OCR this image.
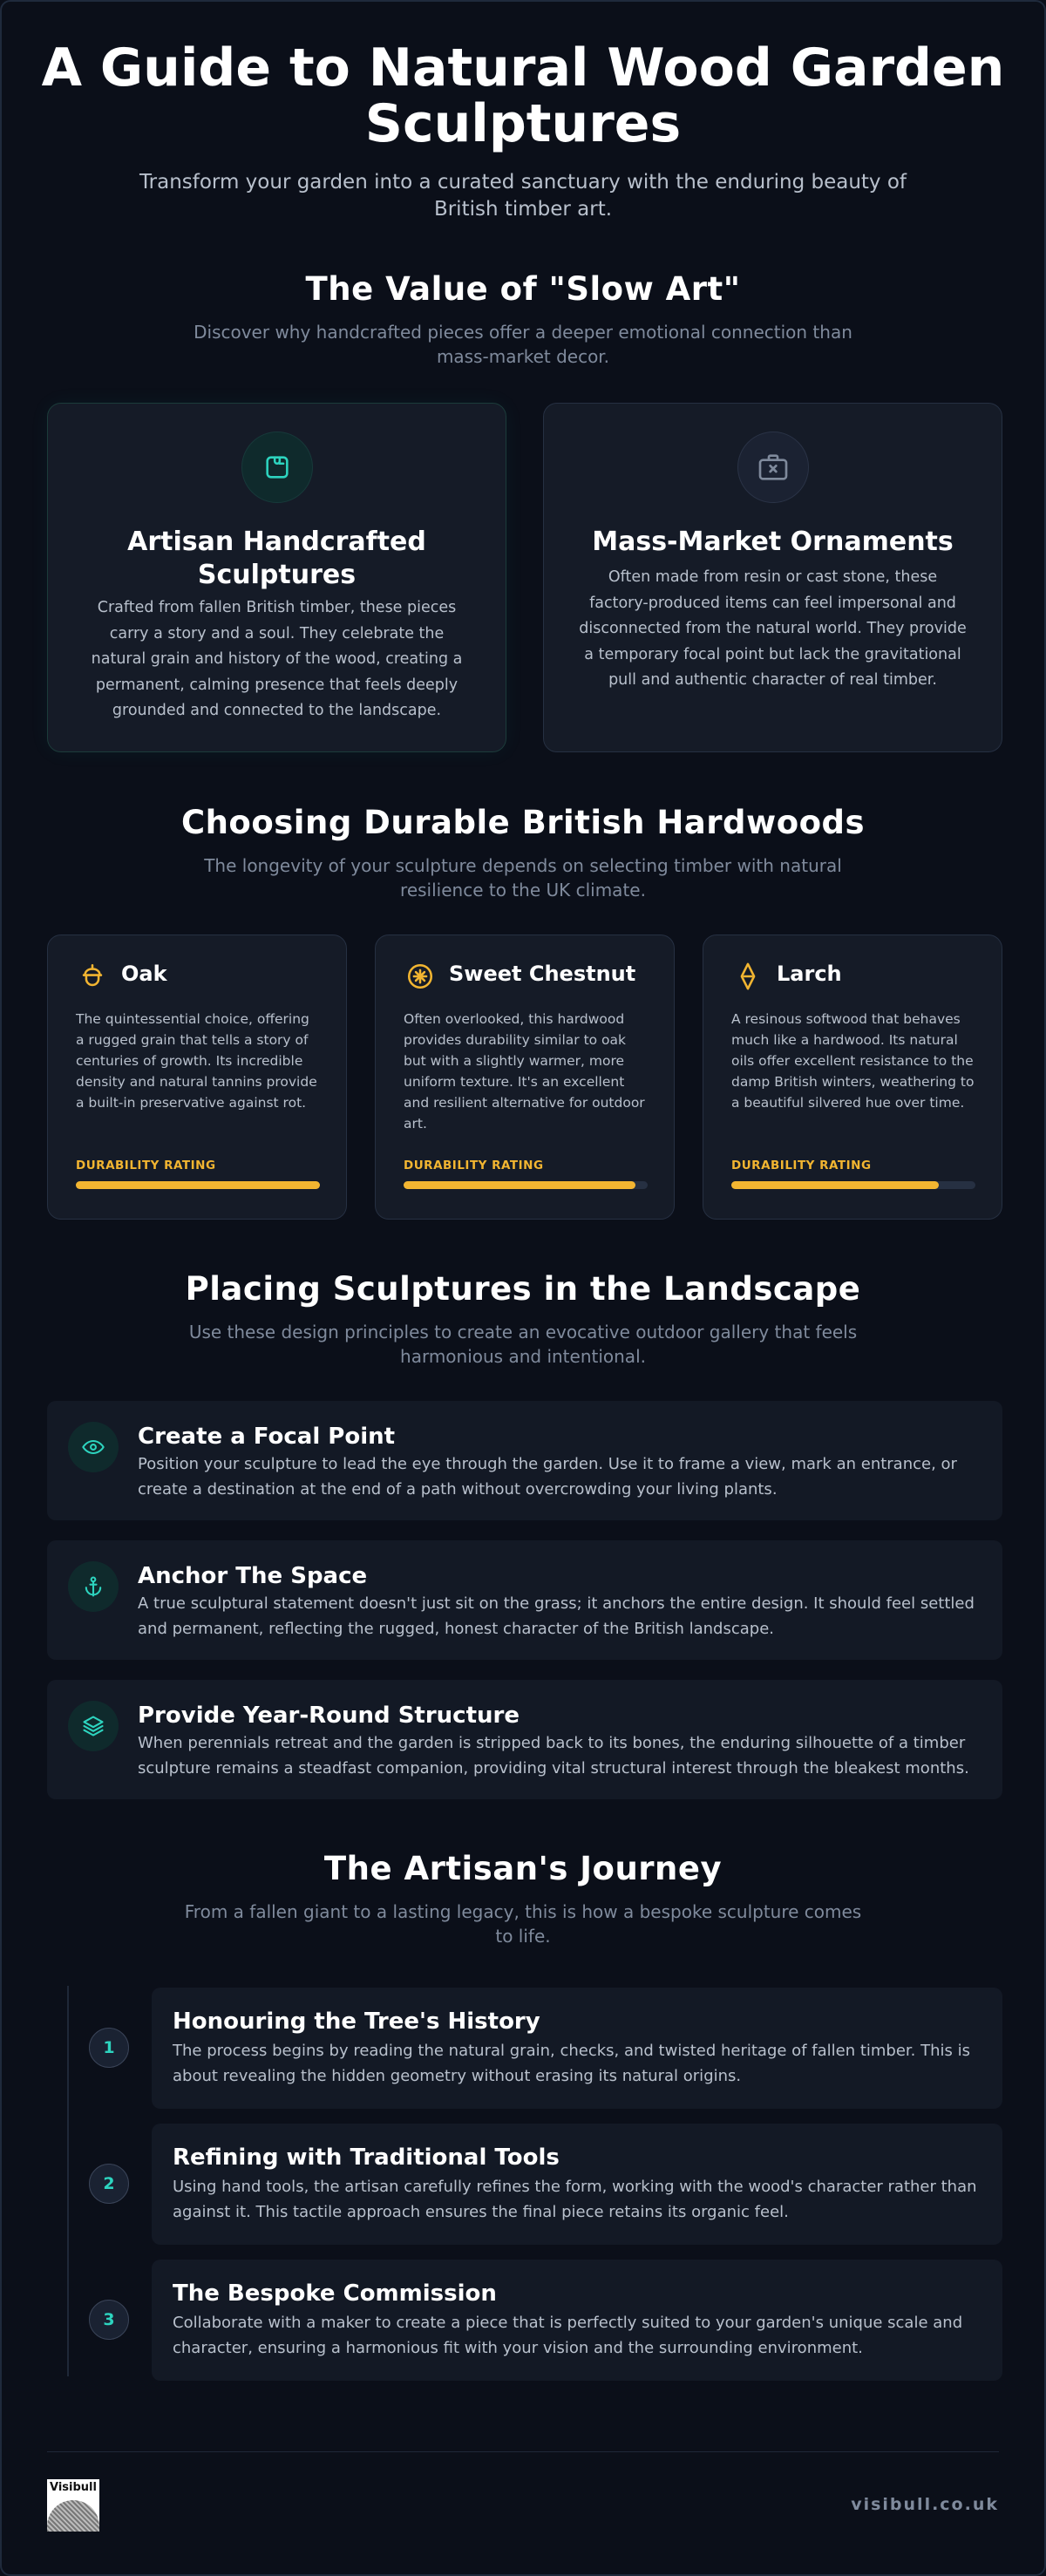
A Guide to Natural Wood Garden Sculptures

Transform your garden into a curated sanctuary with the enduring beauty of British timber art.

The Value of "Slow Art"

Discover why handcrafted pieces offer a deeper emotional connection than mass-market decor.

Artisan Handcrafted Sculptures

Crafted from fallen British timber, these pieces carry a story and a soul. They celebrate the natural grain and history of the wood, creating a permanent, calming presence that feels deeply grounded and connected to the landscape.

Mass-Market Ornaments

Often made from resin or cast stone, these factory-produced items can feel impersonal and disconnected from the natural world. They provide a temporary focal point but lack the gravitational pull and authentic character of real timber.

Choosing Durable British Hardwoods

The longevity of your sculpture depends on selecting timber with natural resilience to the UK climate.

Oak

The quintessential choice, offering a rugged grain that tells a story of centuries of growth. Its incredible density and natural tannins provide a built-in preservative against rot.

DURABILITY RATING
Sweet Chestnut

Often overlooked, this hardwood provides durability similar to oak but with a slightly warmer, more uniform texture. It's an excellent and resilient alternative for outdoor art.

DURABILITY RATING
Larch

A resinous softwood that behaves much like a hardwood. Its natural oils offer excellent resistance to the damp British winters, weathering to a beautiful silvered hue over time.

DURABILITY RATING
Placing Sculptures in the Landscape

Use these design principles to create an evocative outdoor gallery that feels harmonious and intentional.

Create a Focal Point

Position your sculpture to lead the eye through the garden. Use it to frame a view, mark an entrance, or create a destination at the end of a path without overcrowding your living plants.

Anchor The Space

A true sculptural statement doesn't just sit on the grass; it anchors the entire design. It should feel settled and permanent, reflecting the rugged, honest character of the British landscape.

Provide Year-Round Structure

When perennials retreat and the garden is stripped back to its bones, the enduring silhouette of a timber sculpture remains a steadfast companion, providing vital structural interest through the bleakest months.

The Artisan's Journey

From a fallen giant to a lasting legacy, this is how a bespoke sculpture comes to life.

1
Honouring the Tree's History

The process begins by reading the natural grain, checks, and twisted heritage of fallen timber. This is about revealing the hidden geometry without erasing its natural origins.

2
Refining with Traditional Tools

Using hand tools, the artisan carefully refines the form, working with the wood's character rather than against it. This tactile approach ensures the final piece retains its organic feel.

3
The Bespoke Commission

Collaborate with a maker to create a piece that is perfectly suited to your garden's unique scale and character, ensuring a harmonious fit with your vision and the surrounding environment.

Visibull
visibull.co.uk
